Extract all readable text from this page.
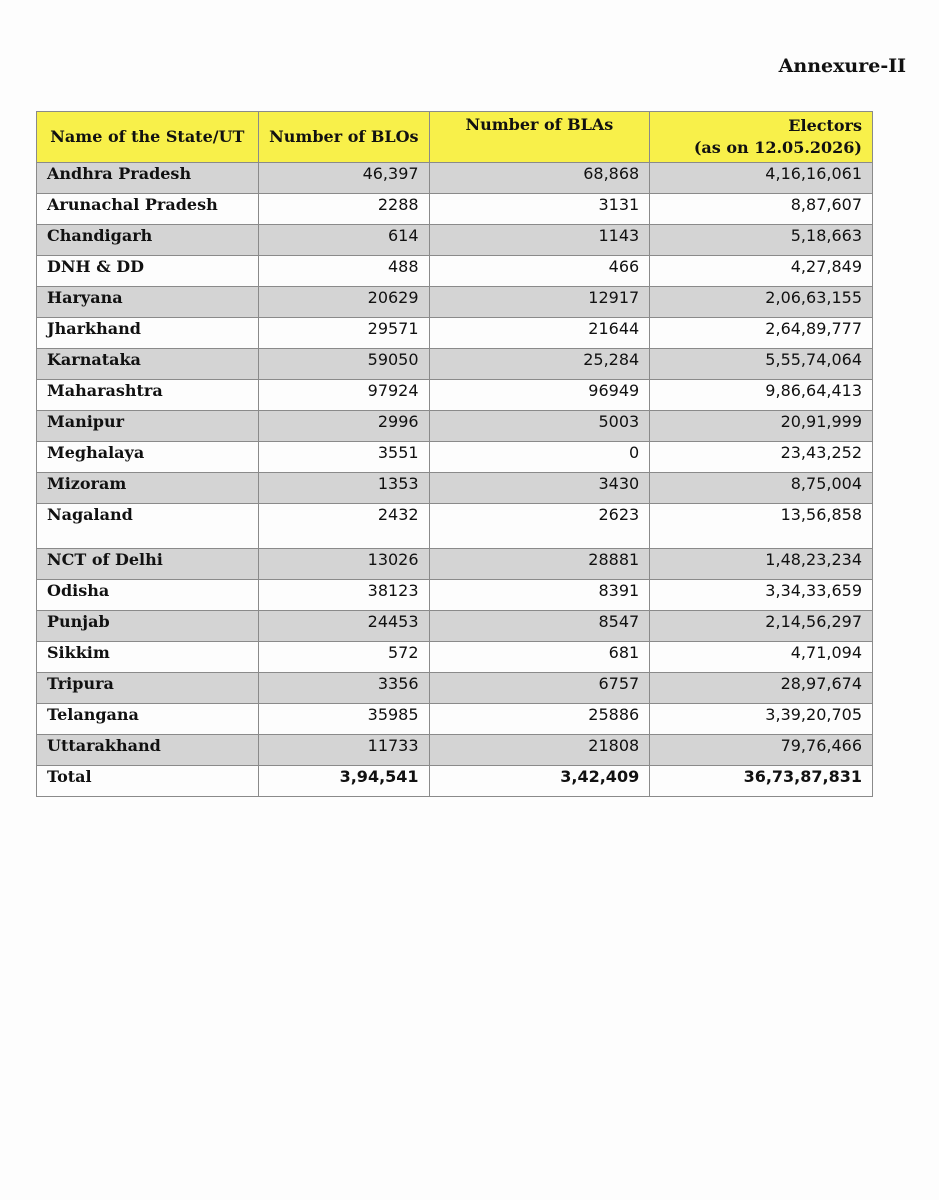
Annexure-II
Name of the State/UT	Number of BLOs	Number of BLAs	Electors
(as on 12.05.2026)
Andhra Pradesh	46,397	68,868	4,16,16,061
Arunachal Pradesh	2288	3131	8,87,607
Chandigarh	614	1143	5,18,663
DNH & DD	488	466	4,27,849
Haryana	20629	12917	2,06,63,155
Jharkhand	29571	21644	2,64,89,777
Karnataka	59050	25,284	5,55,74,064
Maharashtra	97924	96949	9,86,64,413
Manipur	2996	5003	20,91,999
Meghalaya	3551	0	23,43,252
Mizoram	1353	3430	8,75,004
Nagaland	2432	2623	13,56,858
NCT of Delhi	13026	28881	1,48,23,234
Odisha	38123	8391	3,34,33,659
Punjab	24453	8547	2,14,56,297
Sikkim	572	681	4,71,094
Tripura	3356	6757	28,97,674
Telangana	35985	25886	3,39,20,705
Uttarakhand	11733	21808	79,76,466
Total	3,94,541	3,42,409	36,73,87,831
